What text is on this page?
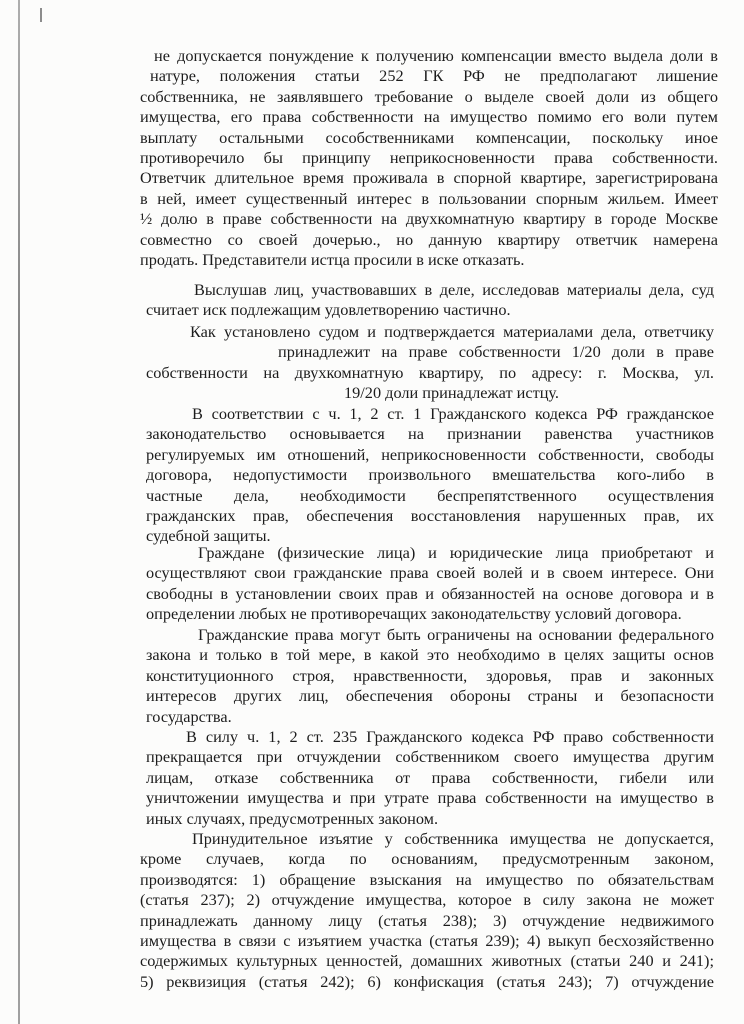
не допускается понуждение к получению компенсации вместо выдела доли в
натуре, положения статьи 252 ГК РФ не предполагают лишение
собственника, не заявлявшего требование о выделе своей доли из общего
имущества, его права собственности на имущество помимо его воли путем
выплату остальными сособственниками компенсации, поскольку иное
противоречило бы принципу неприкосновенности права собственности.
Ответчик длительное время проживала в спорной квартире, зарегистрирована
в ней, имеет существенный интерес в пользовании спорным жильем. Имеет
½ долю в праве собственности на двухкомнатную квартиру в городе Москве
совместно со своей дочерью., но данную квартиру ответчик намерена
продать. Представители истца просили в иске отказать.
Выслушав лиц, участвовавших в деле, исследовав материалы дела, суд
считает иск подлежащим удовлетворению частично.
Как установлено судом и подтверждается материалами дела, ответчику
принадлежит на праве собственности 1/20 доли в праве
собственности на двухкомнатную квартиру, по адресу: г. Москва, ул.
19/20 доли принадлежат истцу.
В соответствии с ч. 1, 2 ст. 1 Гражданского кодекса РФ гражданское
законодательство основывается на признании равенства участников
регулируемых им отношений, неприкосновенности собственности, свободы
договора, недопустимости произвольного вмешательства кого-либо в
частные дела, необходимости беспрепятственного осуществления
гражданских прав, обеспечения восстановления нарушенных прав, их
судебной защиты.
Граждане (физические лица) и юридические лица приобретают и
осуществляют свои гражданские права своей волей и в своем интересе. Они
свободны в установлении своих прав и обязанностей на основе договора и в
определении любых не противоречащих законодательству условий договора.
Гражданские права могут быть ограничены на основании федерального
закона и только в той мере, в какой это необходимо в целях защиты основ
конституционного строя, нравственности, здоровья, прав и законных
интересов других лиц, обеспечения обороны страны и безопасности
государства.
В силу ч. 1, 2 ст. 235 Гражданского кодекса РФ право собственности
прекращается при отчуждении собственником своего имущества другим
лицам, отказе собственника от права собственности, гибели или
уничтожении имущества и при утрате права собственности на имущество в
иных случаях, предусмотренных законом.
Принудительное изъятие у собственника имущества не допускается,
кроме случаев, когда по основаниям, предусмотренным законом,
производятся: 1) обращение взыскания на имущество по обязательствам
(статья 237); 2) отчуждение имущества, которое в силу закона не может
принадлежать данному лицу (статья 238); 3) отчуждение недвижимого
имущества в связи с изъятием участка (статья 239); 4) выкуп бесхозяйственно
содержимых культурных ценностей, домашних животных (статьи 240 и 241);
5) реквизиция (статья 242); 6) конфискация (статья 243); 7) отчуждение
